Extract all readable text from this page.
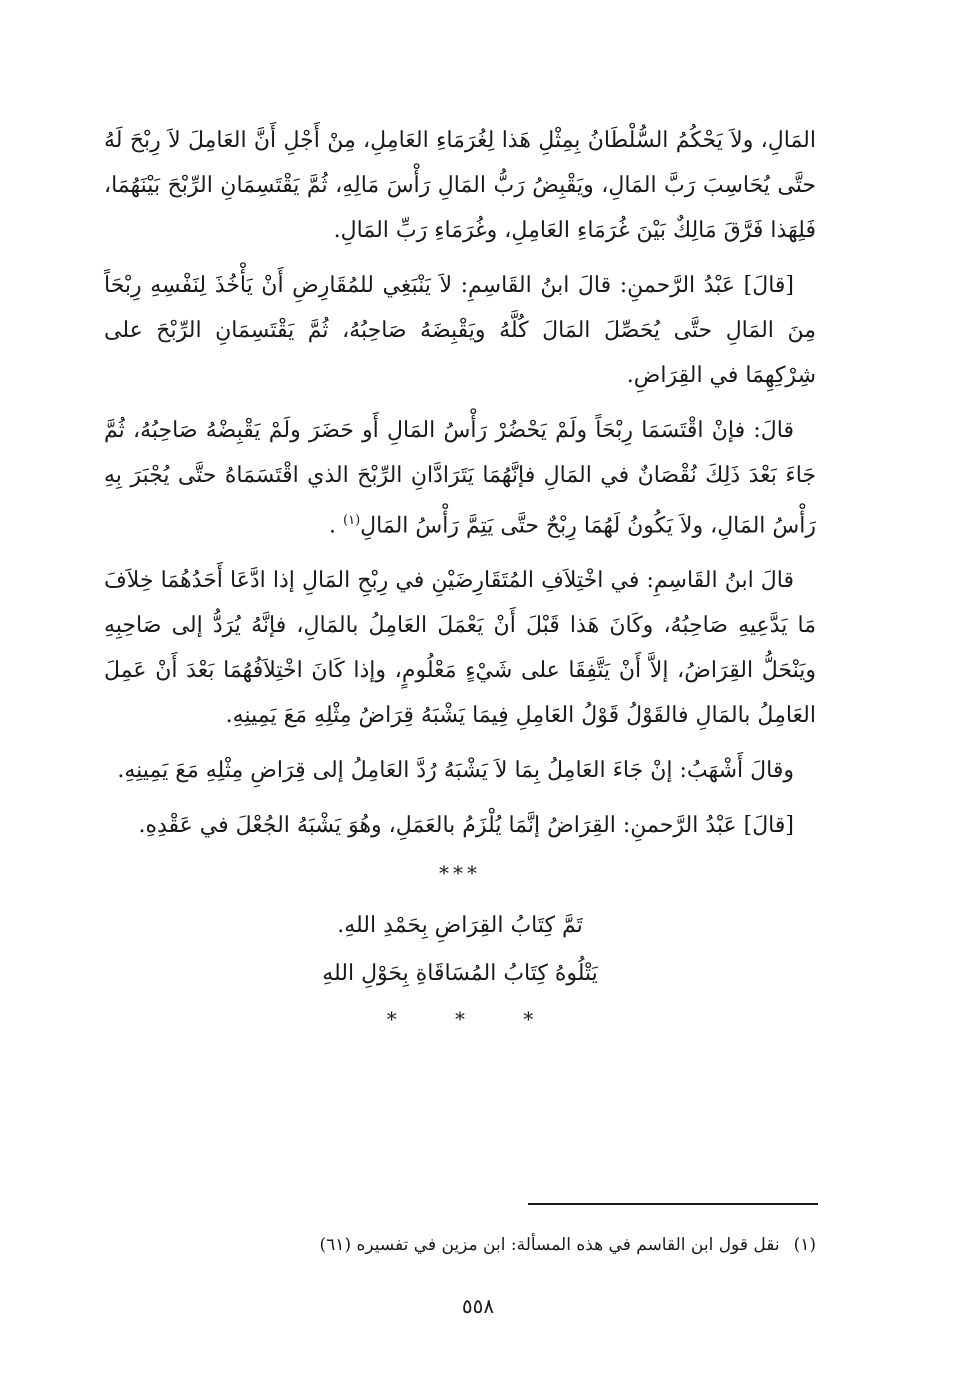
المَالِ، ولاَ يَحْكُمُ السُّلْطَانُ بِمِثْلِ هَذا لِغُرَمَاءِ العَامِلِ، مِنْ أَجْلِ أَنَّ العَامِلَ لاَ رِبْحَ لَهُ حتَّى يُحَاسِبَ رَبَّ المَالِ، ويَقْبِضُ رَبُّ المَالِ رَأْسَ مَالِهِ، ثُمَّ يَقْتَسِمَانِ الرِّبْحَ بَيْنَهُمَا، فَلِهَذا فَرَّقَ مَالِكٌ بَيْنَ غُرَمَاءِ العَامِلِ، وغُرَمَاءِ رَبِّ المَالِ.

[قالَ] عَبْدُ الرَّحمنِ: قالَ ابنُ القَاسِمِ: لاَ يَنْبَغِي للمُقَارِضِ أَنْ يَأْخُذَ لِنَفْسِهِ رِبْحَاً مِنَ المَالِ حتَّى يُحَصِّلَ المَالَ كُلَّهُ ويَقْبِضَهُ صَاحِبُهُ، ثُمَّ يَقْتَسِمَانِ الرِّبْحَ على شِرْكِهِمَا في القِرَاضِ.

قالَ: فإنْ اقْتَسَمَا رِبْحَاً ولَمْ يَحْضُرْ رَأْسُ المَالِ أَو حَضَرَ ولَمْ يَقْبِضْهُ صَاحِبُهُ، ثُمَّ جَاءَ بَعْدَ ذَلِكَ نُقْصَانٌ في المَالِ فإنَّهُمَا يَتَرَادَّانِ الرِّبْحَ الذي اقْتَسَمَاهُ حتَّى يُجْبَرَ بِهِ رَأْسُ المَالِ، ولاَ يَكُونُ لَهُمَا رِبْحٌ حتَّى يَتِمَّ رَأْسُ المَالِ$^{(١)}$ .

قالَ ابنُ القَاسِمِ: في اخْتِلاَفِ المُتَقَارِضَيْنِ في رِبْحِ المَالِ إذا ادَّعَا أَحَدُهُمَا خِلاَفَ مَا يَدَّعِيهِ صَاحِبُهُ، وكَانَ هَذا قَبْلَ أَنْ يَعْمَلَ العَامِلُ بالمَالِ، فإنَّهُ يُرَدُّ إلى صَاحِبِهِ ويَنْحَلُّ القِرَاضُ، إلاَّ أَنْ يَتَّفِقَا على شَيْءٍ مَعْلُومٍ، وإذا كَانَ اخْتِلاَفُهُمَا بَعْدَ أَنْ عَمِلَ العَامِلُ بالمَالِ فالقَوْلُ قَوْلُ العَامِلِ فِيمَا يَشْبَهُ قِرَاضُ مِثْلِهِ مَعَ يَمِينِهِ.

وقالَ أَشْهَبُ: إنْ جَاءَ العَامِلُ بِمَا لاَ يَشْبَهُ رُدَّ العَامِلُ إلى قِرَاضِ مِثْلِهِ مَعَ يَمِينِهِ.

[قالَ] عَبْدُ الرَّحمنِ: القِرَاضُ إنَّمَا يُلْزَمُ بالعَمَلِ، وهُوَ يَشْبَهُ الجُعْلَ في عَقْدِهِ.

***
تَمَّ كِتَابُ القِرَاضِ بِحَمْدِ اللهِ.
يَتْلُوهُ كِتَابُ المُسَاقَاةِ بِحَوْلِ اللهِ
* * *
(١)نقل قول ابن القاسم في هذه المسألة: ابن مزين في تفسيره (٦١)
٥٥٨
